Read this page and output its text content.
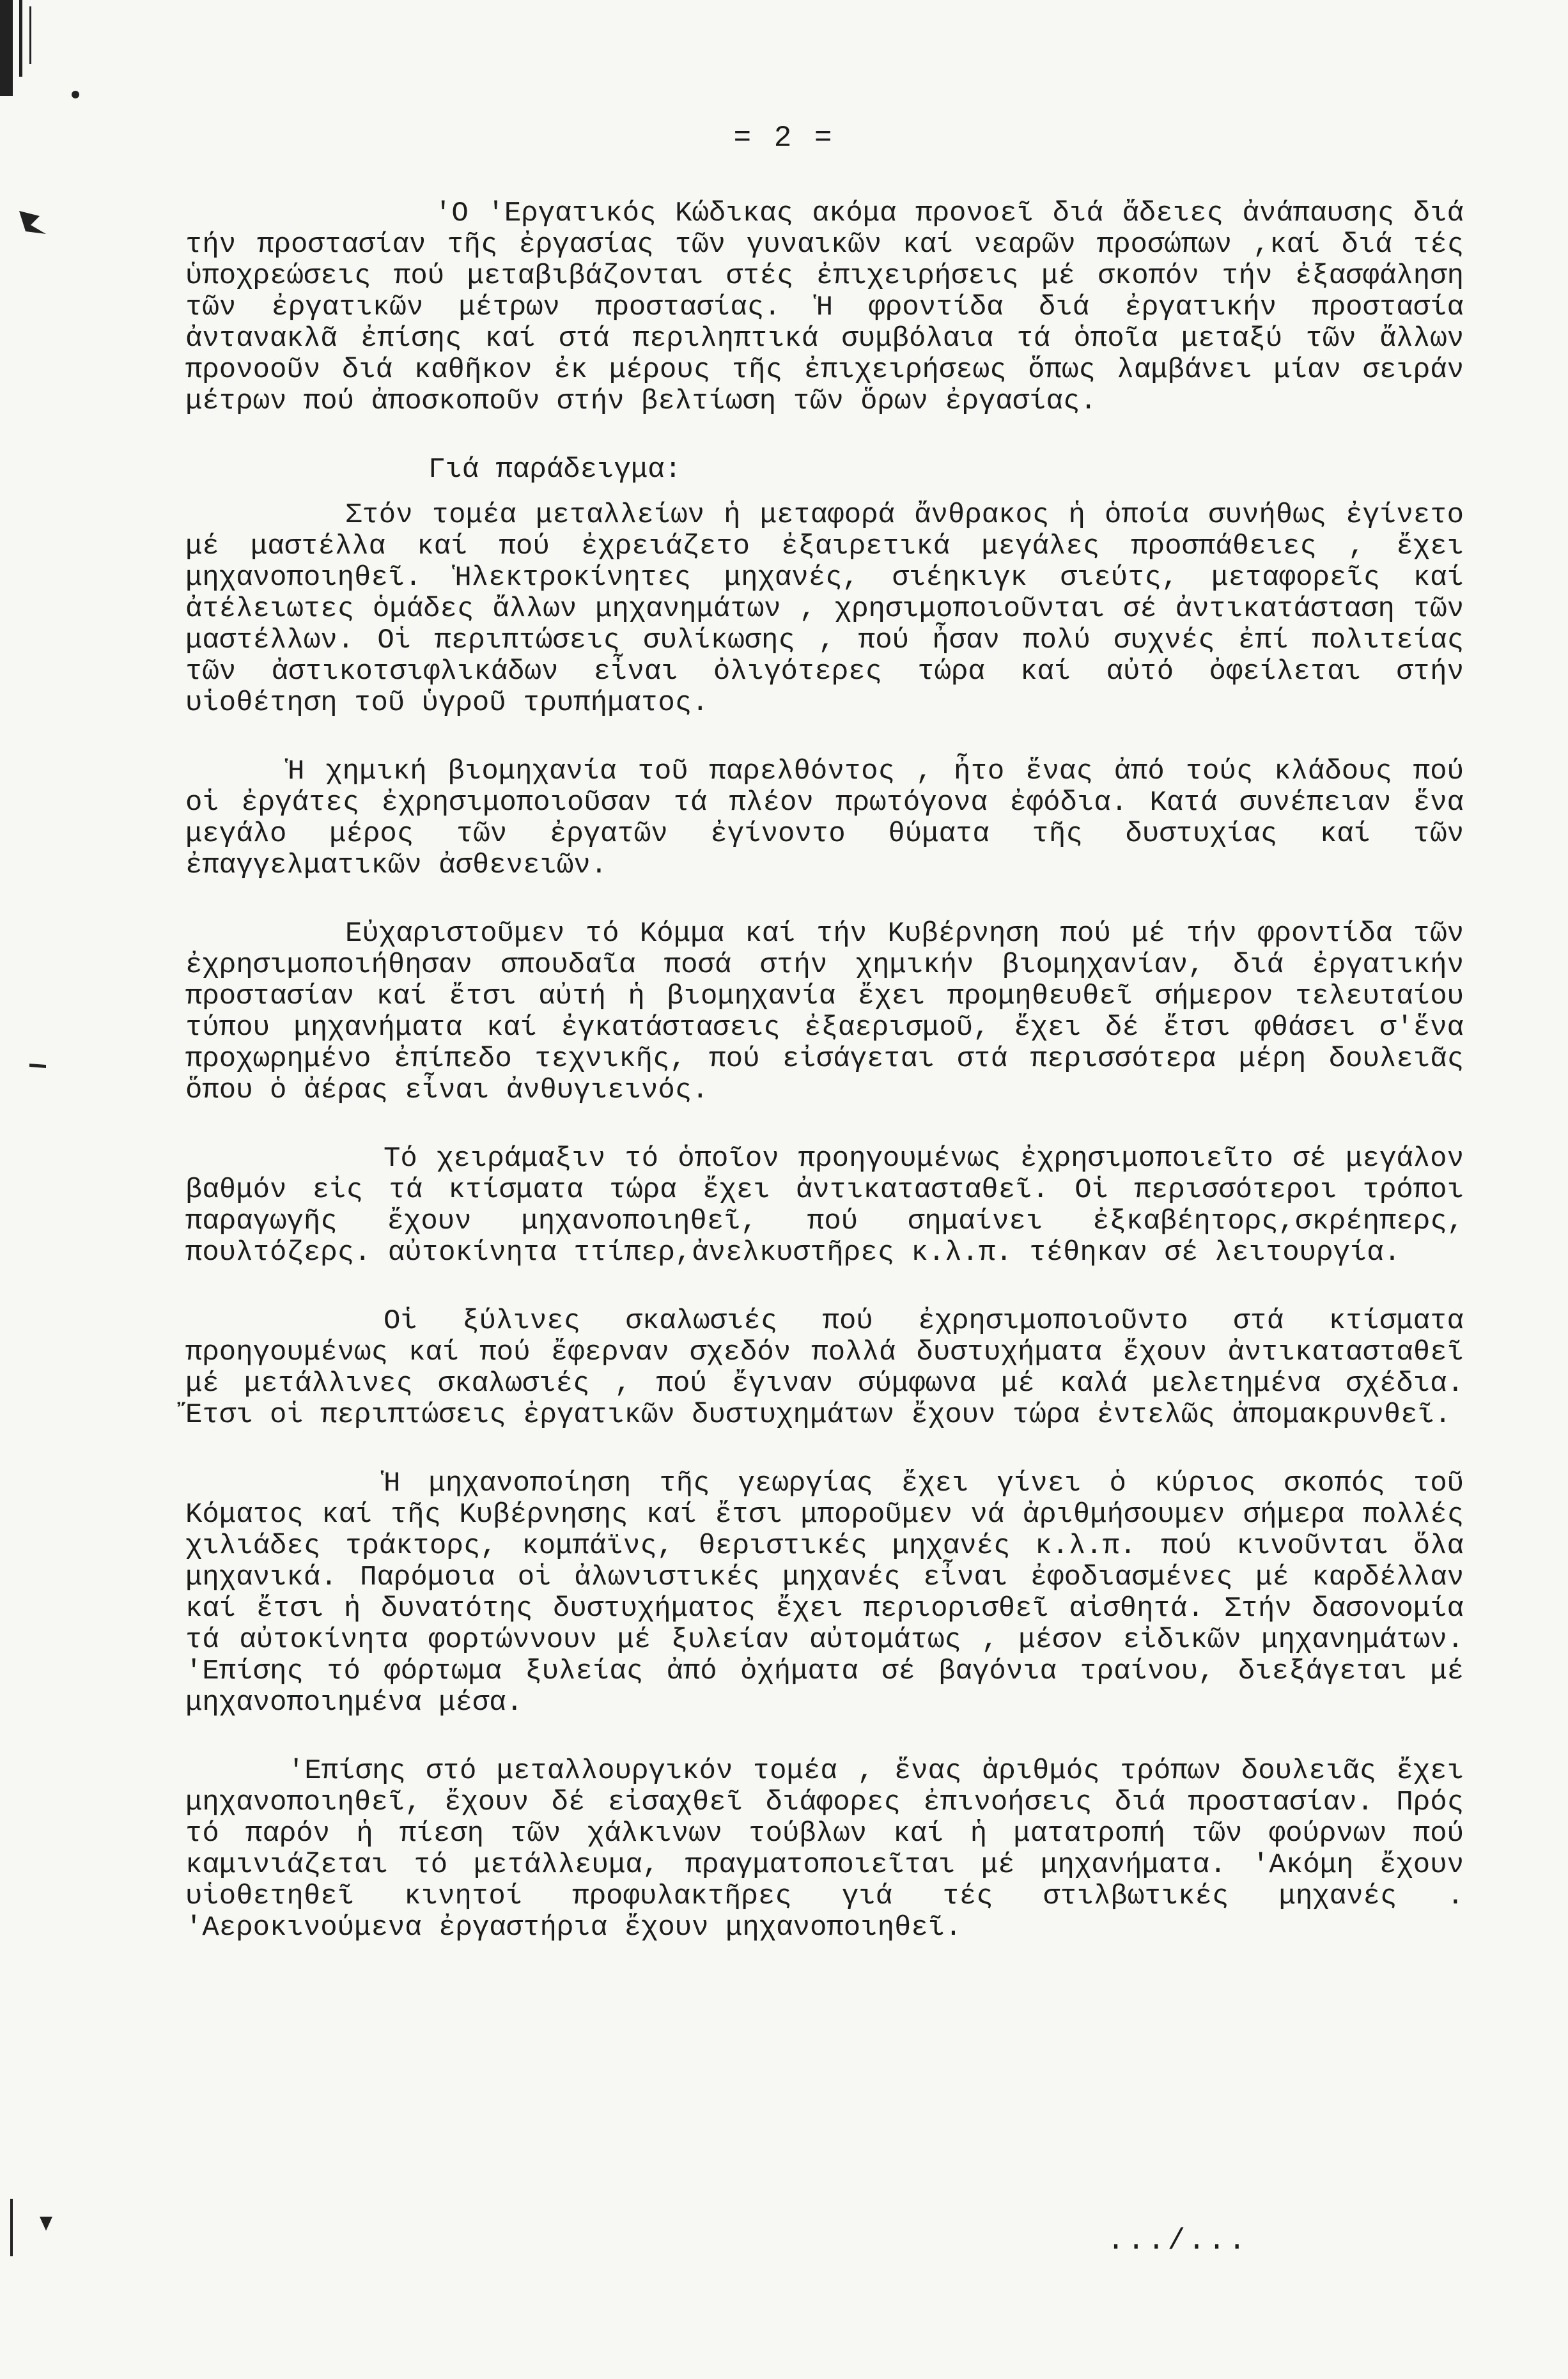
= 2 =

'Ο 'Εργατικός Κώδικας ακόμα προνοεῖ διά ἄδειες ἀνάπαυσης διά τήν προστασίαν τῆς ἐργασίας τῶν γυναικῶν καί νεαρῶν προσώπων ,καί διά τές ὑποχρεώσεις πού μεταβιβάζονται στές ἐπιχειρήσεις μέ σκοπόν τήν ἐξασφάληση τῶν ἐργατικῶν μέτρων προστασίας. Ἡ φροντίδα διά ἐργατικήν προστασία ἀντανακλᾶ ἐπίσης καί στά περιληπτικά συμβόλαια τά ὁποῖα μεταξύ τῶν ἄλλων προνοοῦν διά καθῆκον ἐκ μέρους τῆς ἐπιχειρήσεως ὅπως λαμβάνει μίαν σειράν μέτρων πού ἀποσκοποῦν στήν βελτίωση τῶν ὅρων ἐργασίας.

Γιά παράδειγμα:

Στόν τομέα μεταλλείων ἡ μεταφορά ἄνθρακος ἡ ὁποία συνήθως ἐγίνετο μέ μαστέλλα καί πού ἐχρειάζετο ἐξαιρετικά μεγάλες προσπάθειες , ἔχει μηχανοποιηθεῖ. Ἡλεκτροκίνητες μηχανές, σιέηκιγκ σιεύτς, μεταφορεῖς καί ἀτέλειωτες ὁμάδες ἄλλων μηχανημάτων , χρησιμοποιοῦνται σέ ἀντικατάσταση τῶν μαστέλλων. Οἱ περιπτώσεις συλίκωσης , πού ἦσαν πολύ συχνές ἐπί πολιτείας τῶν ἀστικοτσιφλικάδων εἶναι ὀλιγότερες τώρα καί αὐτό ὀφείλεται στήν υἱοθέτηση τοῦ ὑγροῦ τρυπήματος.

Ἡ χημική βιομηχανία τοῦ παρελθόντος , ἦτο ἕνας ἀπό τούς κλάδους πού οἱ ἐργάτες ἐχρησιμοποιοῦσαν τά πλέον πρωτόγονα ἐφόδια. Κατά συνέπειαν ἕνα μεγάλο μέρος τῶν ἐργατῶν ἐγίνοντο θύματα τῆς δυστυχίας καί τῶν ἐπαγγελματικῶν ἀσθενειῶν.

Εὐχαριστοῦμεν τό Κόμμα καί τήν Κυβέρνηση πού μέ τήν φροντίδα τῶν ἐχρησιμοποιήθησαν σπουδαῖα ποσά στήν χημικήν βιομηχανίαν, διά ἐργατικήν προστασίαν καί ἔτσι αὐτή ἡ βιομηχανία ἔχει προμηθευθεῖ σήμερον τελευταίου τύπου μηχανήματα καί ἐγκατάστασεις ἐξαερισμοῦ, ἔχει δέ ἔτσι φθάσει σ'ἕνα προχωρημένο ἐπίπεδο τεχνικῆς, πού εἰσάγεται στά περισσότερα μέρη δουλειᾶς ὅπου ὁ ἀέρας εἶναι ἀνθυγιεινός.

Τό χειράμαξιν τό ὁποῖον προηγουμένως ἐχρησιμοποιεῖτο σέ μεγάλον βαθμόν εἰς τά κτίσματα τώρα ἔχει ἀντικατασταθεῖ. Οἱ περισσότεροι τρόποι παραγωγῆς ἔχουν μηχανοποιηθεῖ, πού σημαίνει ἐξκαβέητορς,σκρέηπερς, πουλτόζερς. αὐτοκίνητα ττίπερ,ἀνελκυστῆρες κ.λ.π. τέθηκαν σέ λειτουργία.

Οἱ ξύλινες σκαλωσιές πού ἐχρησιμοποιοῦντο στά κτίσματα προηγουμένως καί πού ἔφερναν σχεδόν πολλά δυστυχήματα ἔχουν ἀντικατασταθεῖ μέ μετάλλινες σκαλωσιές , πού ἔγιναν σύμφωνα μέ καλά μελετημένα σχέδια. Ἔτσι οἱ περιπτώσεις ἐργατικῶν δυστυχημάτων ἔχουν τώρα ἐντελῶς ἀπομακρυνθεῖ.

Ἡ μηχανοποίηση τῆς γεωργίας ἔχει γίνει ὁ κύριος σκοπός τοῦ Κόματος καί τῆς Κυβέρνησης καί ἔτσι μποροῦμεν νά ἀριθμήσουμεν σήμερα πολλές χιλιάδες τράκτορς, κομπάϊνς, θεριστικές μηχανές κ.λ.π. πού κινοῦνται ὅλα μηχανικά. Παρόμοια οἱ ἀλωνιστικές μηχανές εἶναι ἐφοδιασμένες μέ καρδέλλαν καί ἔτσι ἡ δυνατότης δυστυχήματος ἔχει περιορισθεῖ αἰσθητά. Στήν δασονομία τά αὐτοκίνητα φορτώννουν μέ ξυλείαν αὐτομάτως , μέσον εἰδικῶν μηχανημάτων. 'Επίσης τό φόρτωμα ξυλείας ἀπό ὀχήματα σέ βαγόνια τραίνου, διεξάγεται μέ μηχανοποιημένα μέσα.

'Επίσης στό μεταλλουργικόν τομέα , ἕνας ἀριθμός τρόπων δουλειᾶς ἔχει μηχανοποιηθεῖ, ἔχουν δέ εἰσαχθεῖ διάφορες ἐπινοήσεις διά προστασίαν. Πρός τό παρόν ἡ πίεση τῶν χάλκινων τούβλων καί ἡ ματατροπή τῶν φούρνων πού καμινιάζεται τό μετάλλευμα, πραγματοποιεῖται μέ μηχανήματα. 'Ακόμη ἔχουν υἱοθετηθεῖ κινητοί προφυλακτῆρες γιά τές στιλβωτικές μηχανές . 'Αεροκινούμενα ἐργαστήρια ἔχουν μηχανοποιηθεῖ.

.../...
